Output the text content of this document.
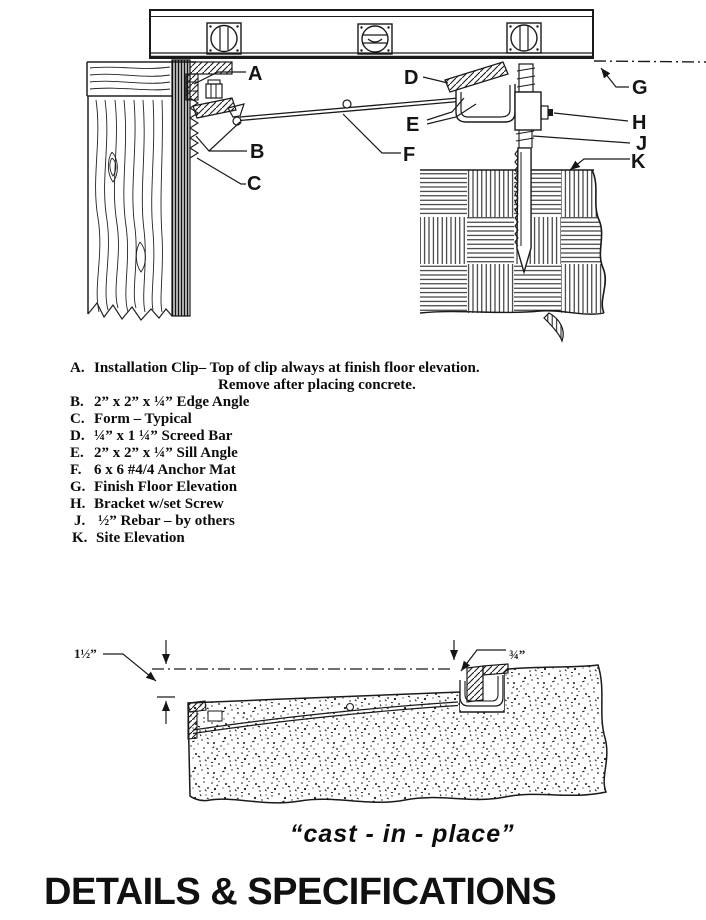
A
B
C
D
E
F
G
H
J
K
1½”	¾”
A. Installation Clip– Top of clip always at finish floor elevation.
Remove after placing concrete.
B. 2” x 2” x ¼” Edge Angle
C. Form – Typical
D. ¼” x 1 ¼” Screed Bar
E. 2” x 2” x ¼” Sill Angle
F. 6 x 6 #4/4 Anchor Mat
G. Finish Floor Elevation
H. Bracket w/set Screw
J. ½” Rebar – by others
K. Site Elevation
“cast - in - place”
DETAILS & SPECIFICATIONS
